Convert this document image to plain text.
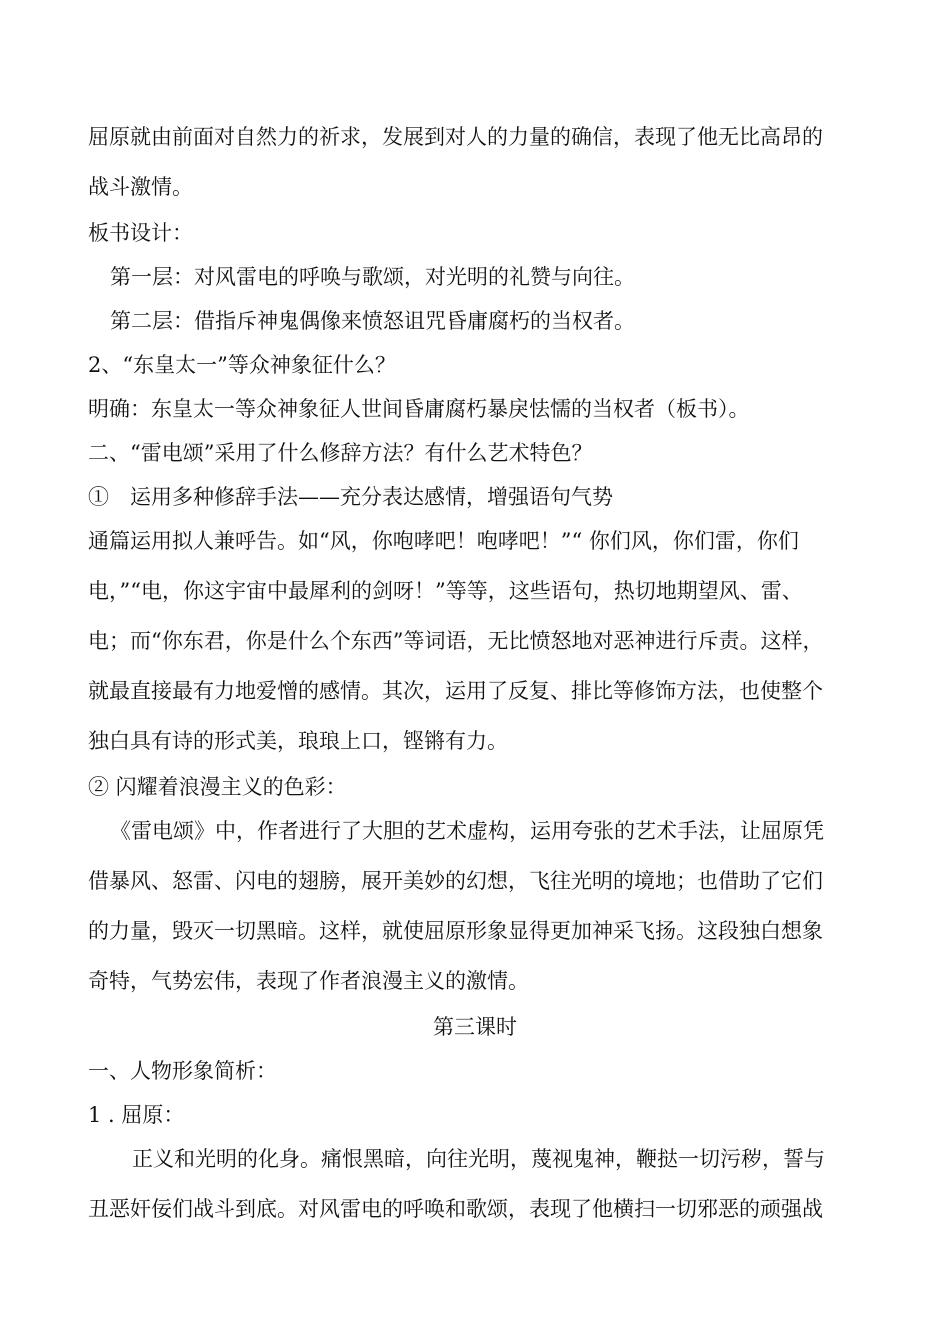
屈原就由前面对自然力的祈求，发展到对人的力量的确信，表现了他无比高昂的
战斗激情。
板书设计：
第一层：对风雷电的呼唤与歌颂，对光明的礼赞与向往。
第二层：借指斥神鬼偶像来愤怒诅咒昏庸腐朽的当权者。
2、“东皇太一”等众神象征什么？
明确：东皇太一等众神象征人世间昏庸腐朽暴戾怯懦的当权者（板书）。
二、“雷电颂”采用了什么修辞方法？有什么艺术特色？
①　运用多种修辞手法——充分表达感情，增强语句气势
通篇运用拟人兼呼告。如“风，你咆哮吧！咆哮吧！”“ 你们风，你们雷，你们
电，”“电，你这宇宙中最犀利的剑呀！”等等，这些语句，热切地期望风、雷、
电；而“你东君，你是什么个东西”等词语，无比愤怒地对恶神进行斥责。这样，
就最直接最有力地爱憎的感情。其次，运用了反复、排比等修饰方法，也使整个
独白具有诗的形式美，琅琅上口，铿锵有力。
② 闪耀着浪漫主义的色彩：
《雷电颂》中，作者进行了大胆的艺术虚构，运用夸张的艺术手法，让屈原凭
借暴风、怒雷、闪电的翅膀，展开美妙的幻想，飞往光明的境地；也借助了它们
的力量，毁灭一切黑暗。这样，就使屈原形象显得更加神采飞扬。这段独白想象
奇特，气势宏伟，表现了作者浪漫主义的激情。
第三课时
一、人物形象简析：
1 . 屈原：
正义和光明的化身。痛恨黑暗，向往光明，蔑视鬼神，鞭挞一切污秽，誓与
丑恶奸佞们战斗到底。对风雷电的呼唤和歌颂，表现了他横扫一切邪恶的顽强战
